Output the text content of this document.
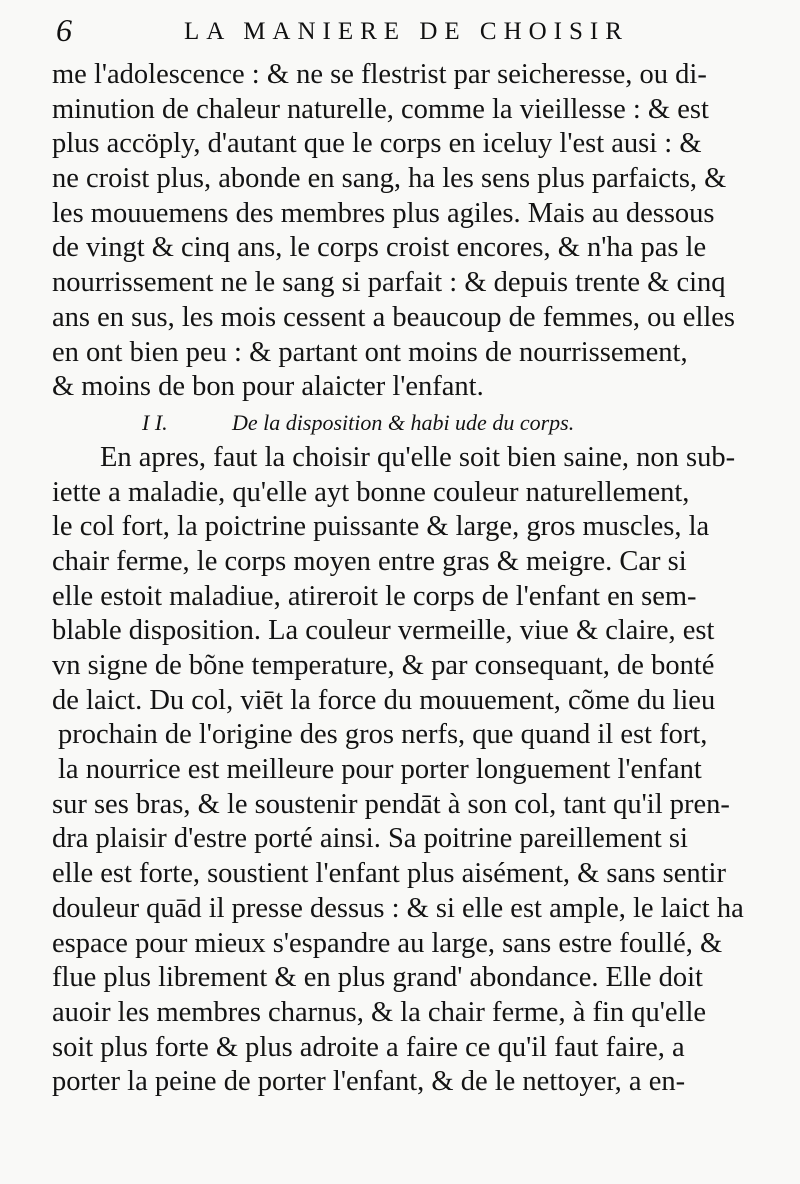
6	LA MANIERE DE CHOISIR
me l'adolescence : & ne se flestrist par seicheresse, ou di-
minution de chaleur naturelle, comme la vieillesse : & est
plus accöply, d'autant que le corps en iceluy l'est ausi : &
ne croist plus, abonde en sang, ha les sens plus parfaicts, &
les mouuemens des membres plus agiles. Mais au dessous
de vingt & cinq ans, le corps croist encores, & n'ha pas le
nourrissement ne le sang si parfait : & depuis trente & cinq
ans en sus, les mois cessent a beaucoup de femmes, ou elles
en ont bien peu : & partant ont moins de nourrissement,
& moins de bon pour alaicter l'enfant.
I I.	De la disposition & habi ude du corps.
En apres, faut la choisir qu'elle soit bien saine, non sub-
iette a maladie, qu'elle ayt bonne couleur naturellement,
le col fort, la poictrine puissante & large, gros muscles, la
chair ferme, le corps moyen entre gras & meigre. Car si
elle estoit maladiue, atireroit le corps de l'enfant en sem-
blable disposition. La couleur vermeille, viue & claire, est
vn signe de bõne temperature, & par consequant, de bonté
de laict. Du col, viēt la force du mouuement, cõme du lieu
prochain de l'origine des gros nerfs, que quand il est fort,
la nourrice est meilleure pour porter longuement l'enfant
sur ses bras, & le soustenir pendāt à son col, tant qu'il pren-
dra plaisir d'estre porté ainsi. Sa poitrine pareillement si
elle est forte, soustient l'enfant plus aisément, & sans sentir
douleur quād il presse dessus : & si elle est ample, le laict ha
espace pour mieux s'espandre au large, sans estre foullé, &
flue plus librement & en plus grand' abondance. Elle doit
auoir les membres charnus, & la chair ferme, à fin qu'elle
soit plus forte & plus adroite a faire ce qu'il faut faire, a
porter la peine de porter l'enfant, & de le nettoyer, a en-
